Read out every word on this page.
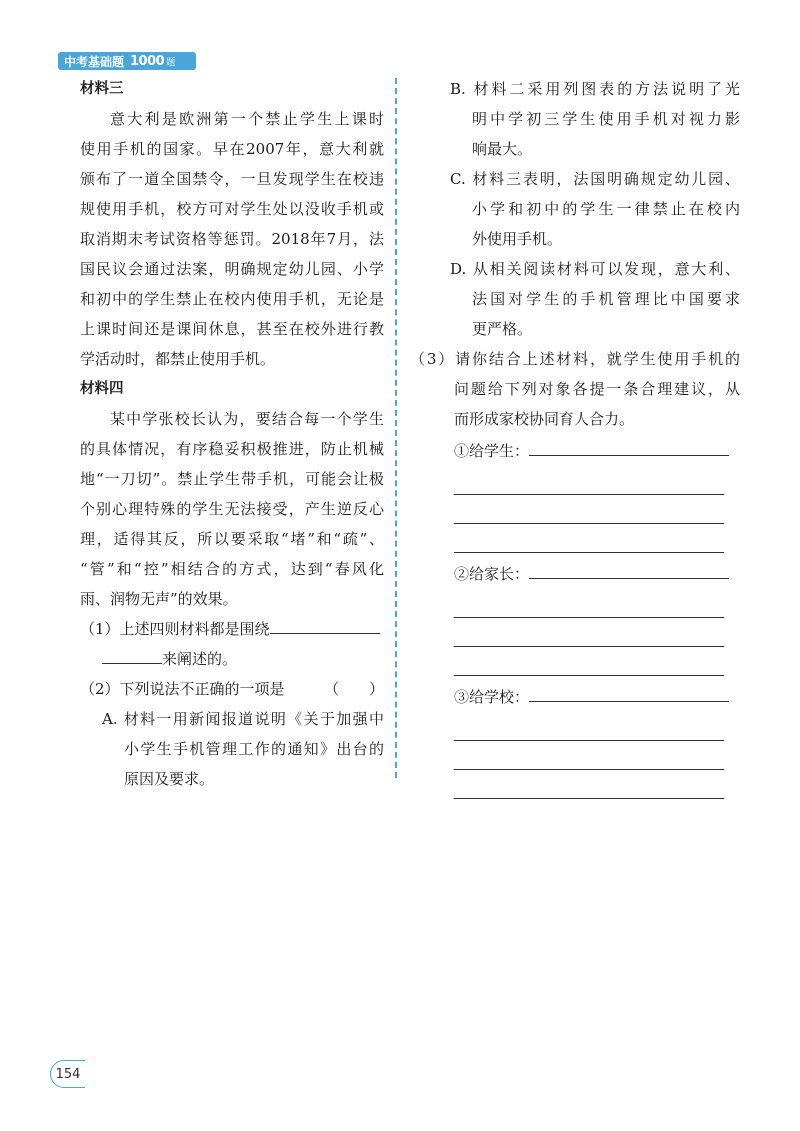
中考基础题 1000 题

材料三

意大利是欧洲第一个禁止学生上课时

使用手机的国家。早在2007年，意大利就

颁布了一道全国禁令，一旦发现学生在校违

规使用手机，校方可对学生处以没收手机或

取消期末考试资格等惩罚。2018年7月，法

国民议会通过法案，明确规定幼儿园、小学

和初中的学生禁止在校内使用手机，无论是

上课时间还是课间休息，甚至在校外进行教

学活动时，都禁止使用手机。

材料四

某中学张校长认为，要结合每一个学生

的具体情况，有序稳妥积极推进，防止机械

地“一刀切”。禁止学生带手机，可能会让极

个别心理特殊的学生无法接受，产生逆反心

理，适得其反，所以要采取“堵”和“疏”、

“管”和“控”相结合的方式，达到“春风化

雨、润物无声”的效果。

（1）上述四则材料都是围绕

来阐述的。

（2）下列说法不正确的一项是	（　　）

A. 材料一用新闻报道说明《关于加强中

小学生手机管理工作的通知》出台的

原因及要求。

B. 材料二采用列图表的方法说明了光

明中学初三学生使用手机对视力影

响最大。

C. 材料三表明，法国明确规定幼儿园、

小学和初中的学生一律禁止在校内

外使用手机。

D. 从相关阅读材料可以发现，意大利、

法国对学生的手机管理比中国要求

更严格。

（3）请你结合上述材料，就学生使用手机的

问题给下列对象各提一条合理建议，从

而形成家校协同育人合力。

①给学生：

②给家长：

③给学校：

154
